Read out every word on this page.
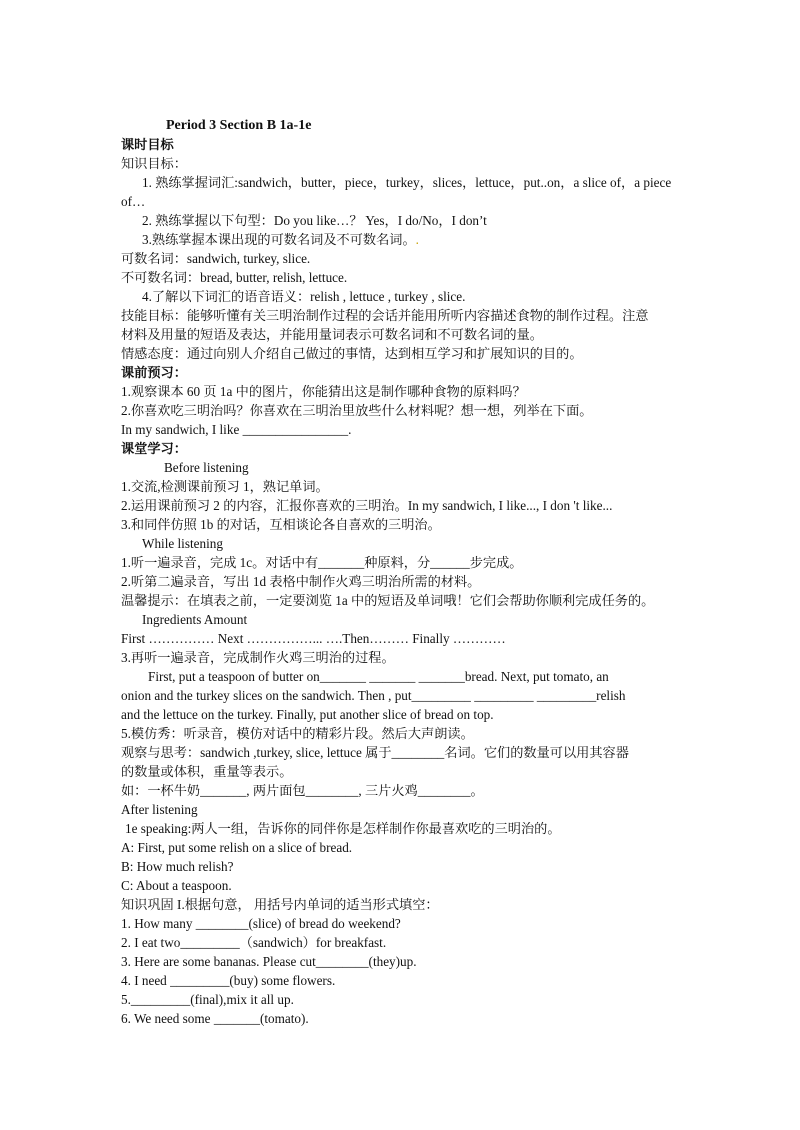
Period 3 Section B 1a-1e
课时目标
知识目标：
1. 熟练掌握词汇:sandwich，butter，piece，turkey，slices，lettuce，put..on，a slice of，a piece
of…
2. 熟练掌握以下句型：Do you like…？ Yes，I do/No，I don’t
3.熟练掌握本课出现的可数名词及不可数名词。.
可数名词：sandwich, turkey, slice.
不可数名词：bread, butter, relish, lettuce.
4.了解以下词汇的语音语义：relish , lettuce , turkey , slice.
技能目标：能够听懂有关三明治制作过程的会话并能用所听内容描述食物的制作过程。注意
材料及用量的短语及表达，并能用量词表示可数名词和不可数名词的量。
情感态度：通过向别人介绍自己做过的事情，达到相互学习和扩展知识的目的。
课前预习：
1.观察课本 60 页 1a 中的图片，你能猜出这是制作哪种食物的原料吗？
2.你喜欢吃三明治吗？你喜欢在三明治里放些什么材料呢？想一想，列举在下面。
In my sandwich, I like ________________.
课堂学习：
Before listening
1.交流,检测课前预习 1，熟记单词。
2.运用课前预习 2 的内容，汇报你喜欢的三明治。In my sandwich, I like..., I don 't like...
3.和同伴仿照 1b 的对话，互相谈论各自喜欢的三明治。
While listening
1.听一遍录音，完成 1c。对话中有_______种原料，分______步完成。
2.听第二遍录音，写出 1d 表格中制作火鸡三明治所需的材料。
温馨提示：在填表之前，一定要浏览 1a 中的短语及单词哦！它们会帮助你顺利完成任务的。
Ingredients Amount
First …………… Next ……………... ….Then……… Finally …………
3.再听一遍录音，完成制作火鸡三明治的过程。
First, put a teaspoon of butter on_______ _______ _______bread. Next, put tomato, an
onion and the turkey slices on the sandwich. Then , put_________ _________ _________relish
and the lettuce on the turkey. Finally, put another slice of bread on top.
5.模仿秀：听录音，模仿对话中的精彩片段。然后大声朗读。
观察与思考：sandwich ,turkey, slice, lettuce 属于________名词。它们的数量可以用其容器
的数量或体积，重量等表示。
如：一杯牛奶_______, 两片面包________, 三片火鸡________。
After listening
1e speaking:两人一组，告诉你的同伴你是怎样制作你最喜欢吃的三明治的。
A: First, put some relish on a slice of bread.
B: How much relish?
C: About a teaspoon.
知识巩固 I.根据句意， 用括号内单词的适当形式填空：
1. How many ________(slice) of bread do weekend?
2. I eat two_________（sandwich）for breakfast.
3. Here are some bananas. Please cut________(they)up.
4. I need _________(buy) some flowers.
5._________(final),mix it all up.
6. We need some _______(tomato).
